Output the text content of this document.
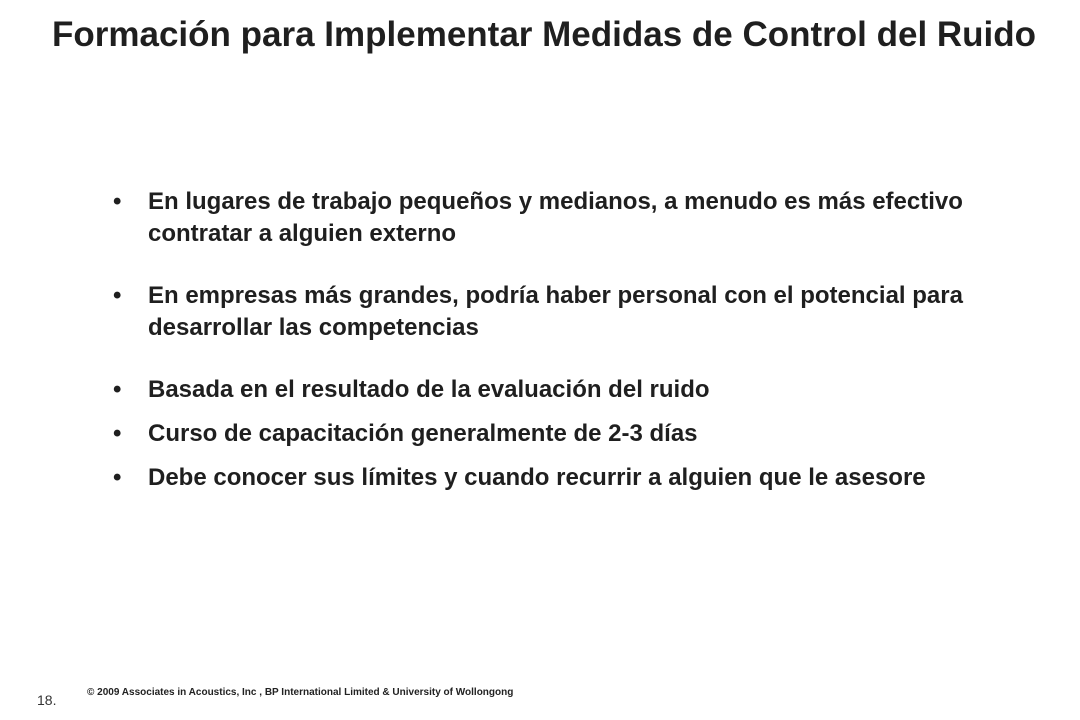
Formación para Implementar Medidas de Control del Ruido
•	En lugares de trabajo pequeños y medianos, a menudo es más efectivo contratar a alguien externo
•	En empresas más grandes, podría haber personal con el potencial para desarrollar las competencias
•	Basada en el resultado de la evaluación del ruido
•	Curso de capacitación generalmente de 2-3 días
•	Debe conocer sus límites y cuando recurrir a alguien que le asesore
18.	© 2009 Associates in Acoustics, Inc , BP International Limited & University of Wollongong
